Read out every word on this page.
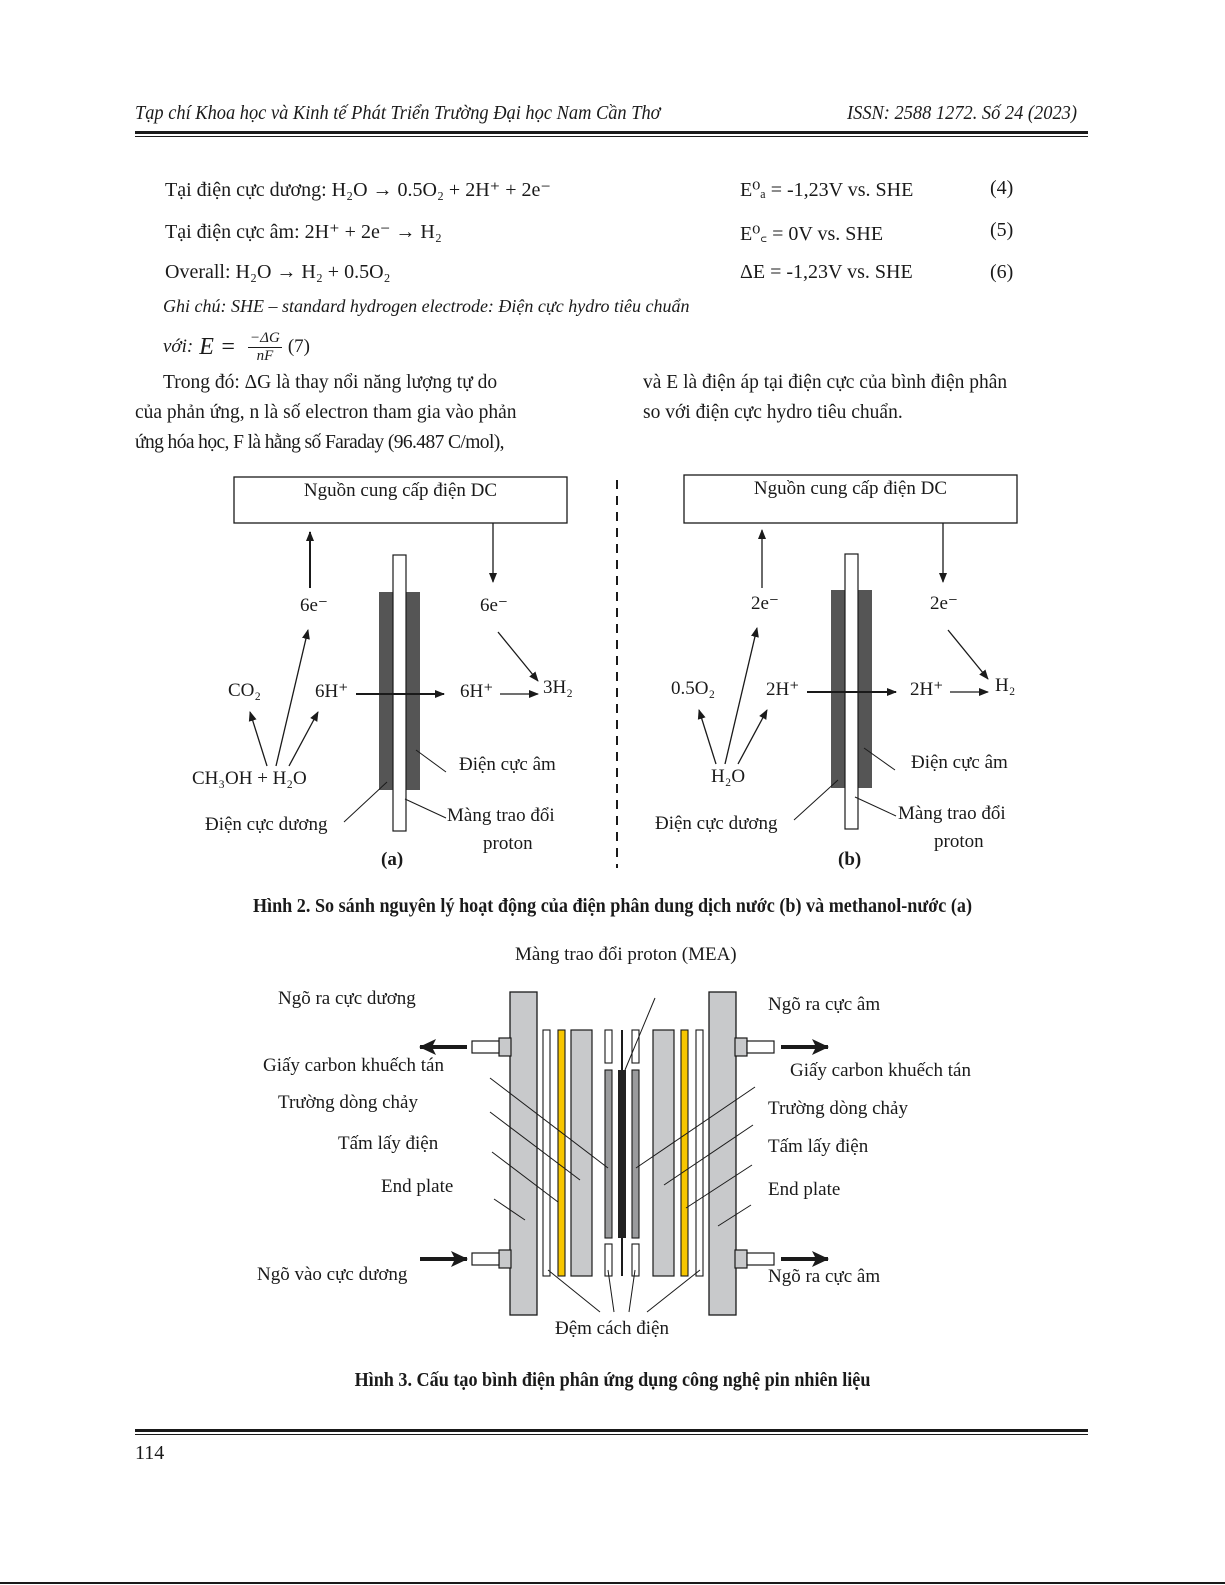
Tạp chí Khoa học và Kinh tế Phát Triển Trường Đại học Nam Cần Thơ	ISSN: 2588 1272. Số 24 (2023)
Tại điện cực dương: H₂O → 0.5O₂ + 2H⁺ + 2e⁻	E⁰ₐ = -1,23V vs. SHE	(4)
Tại điện cực âm: 2H⁺ + 2e⁻ → H₂	E⁰꜀ = 0V vs. SHE	(5)
Overall: H₂O → H₂ + 0.5O₂	ΔE = -1,23V vs. SHE	(6)
Ghi chú: SHE – standard hydrogen electrode: Điện cực hydro tiêu chuẩn
với: $E = \frac{-\Delta G}{nF} (7)$
Trong đó: ΔG là thay nổi năng lượng tự do
của phản ứng, n là số electron tham gia vào phản
ứng hóa học, F là hằng số Faraday (96.487 C/mol),
và E là điện áp tại điện cực của bình điện phân
so với điện cực hydro tiêu chuẩn.
Nguồn cung cấp điện DC
6e⁻	6e⁻
CO₂	6H⁺	6H⁺	3H₂
CH₃OH + H₂O
Điện cực âm
Điện cực dương	Màng trao đổi
proton
(a)
Nguồn cung cấp điện DC
2e⁻	2e⁻
0.5O₂	2H⁺	2H⁺	H₂
H₂O
Điện cực âm
Điện cực dương	Màng trao đổi
proton
(b)
Hình 2. So sánh nguyên lý hoạt động của điện phân dung dịch nước (b) và methanol-nước (a)
Màng trao đổi proton (MEA)
Ngõ ra cực dương
Giấy carbon khuếch tán
Trường dòng chảy
Tấm lấy điện
End plate
Ngõ vào cực dương
Ngõ ra cực âm
Giấy carbon khuếch tán
Trường dòng chảy
Tấm lấy điện
End plate
Ngõ ra cực âm
Đệm cách điện
Hình 3. Cấu tạo bình điện phân ứng dụng công nghệ pin nhiên liệu
114
